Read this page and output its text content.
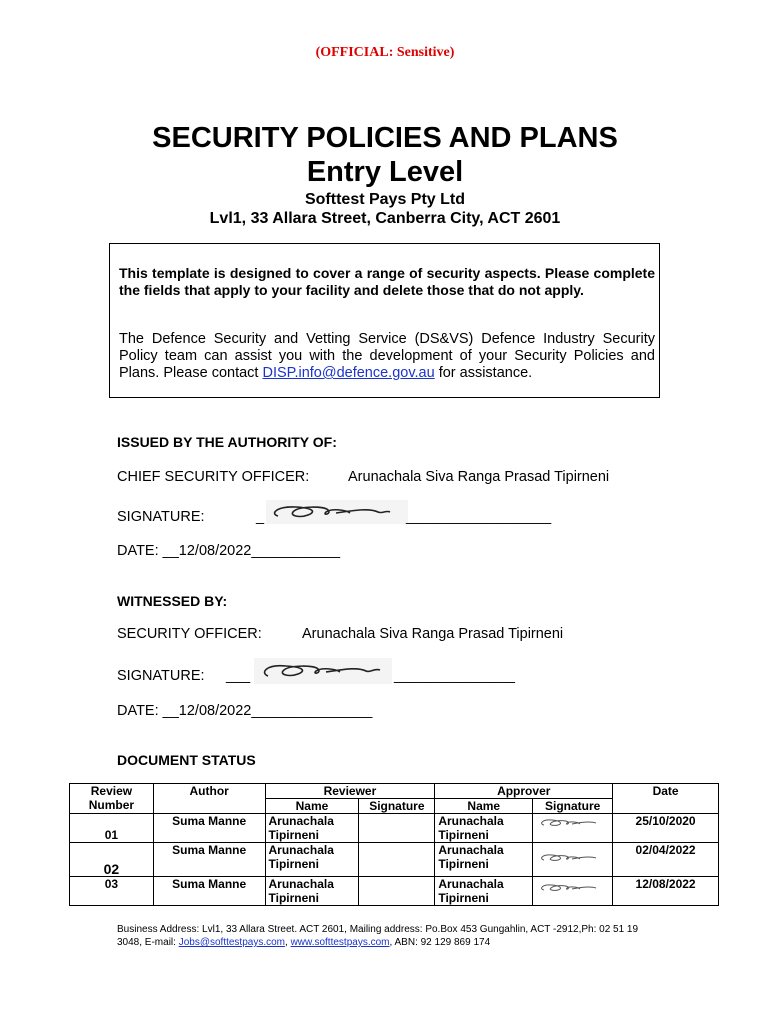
(OFFICIAL: Sensitive)
SECURITY POLICIES AND PLANS
Entry Level
Softtest Pays Pty Ltd
Lvl1, 33 Allara Street, Canberra City, ACT 2601
This template is designed to cover a range of security aspects. Please complete the fields that apply to your facility and delete those that do not apply.
The Defence Security and Vetting Service (DS&VS) Defence Industry Security Policy team can assist you with the development of your Security Policies and Plans. Please contact DISP.info@defence.gov.au for assistance.
ISSUED BY THE AUTHORITY OF:
CHIEF SECURITY OFFICER:	Arunachala Siva Ranga Prasad Tipirneni
SIGNATURE:	_	__________________
DATE: __12/08/2022___________
WITNESSED BY:
SECURITY OFFICER:	Arunachala Siva Ranga Prasad Tipirneni
SIGNATURE: ___	_______________
DATE: __12/08/2022_______________
DOCUMENT STATUS
Review Number	Author	Reviewer		Approver		Date
		Name	Signature	Name	Signature	
01	Suma Manne	Arunachala Tipirneni		Arunachala Tipirneni		25/10/2020
02	Suma Manne	Arunachala Tipirneni		Arunachala Tipirneni		02/04/2022
03	Suma Manne	Arunachala Tipirneni		Arunachala Tipirneni		12/08/2022
Business Address: Lvl1, 33 Allara Street. ACT 2601, Mailing address: Po.Box 453 Gungahlin, ACT -2912,Ph: 02 51 19 3048, E-mail: Jobs@softtestpays.com, www.softtestpays.com, ABN: 92 129 869 174
